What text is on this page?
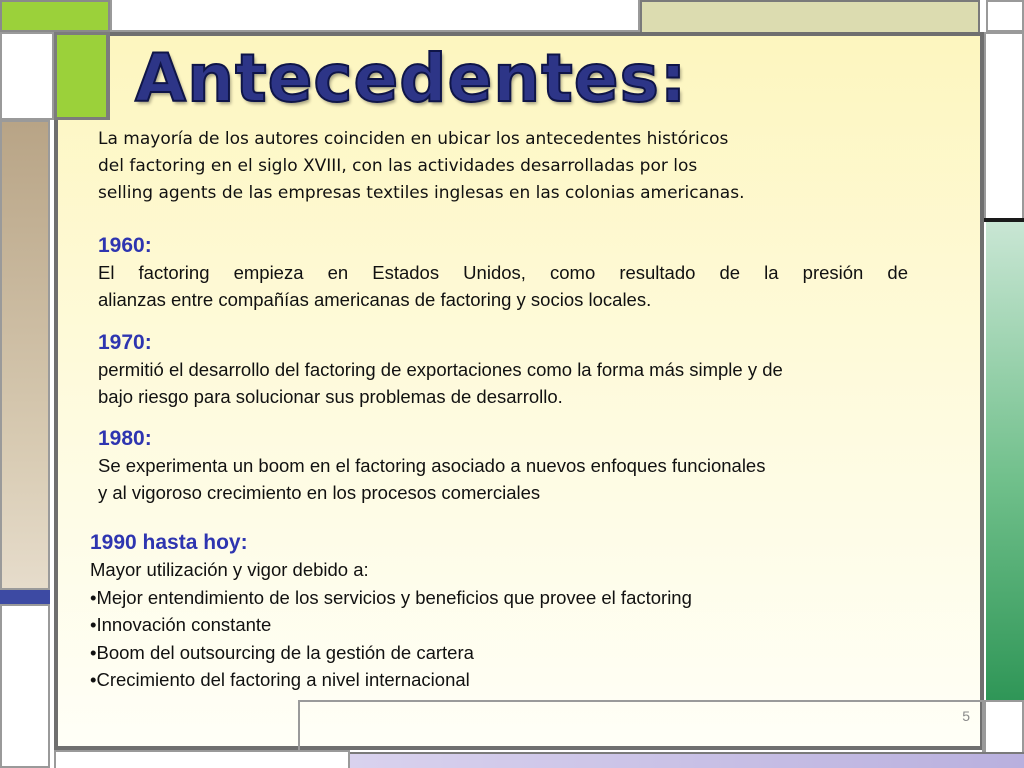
Antecedentes:
La mayoría de los autores coinciden en ubicar los antecedentes históricos
del factoring en el siglo XVIII, con las actividades desarrolladas por los
selling agents de las empresas textiles inglesas en las colonias americanas.
1960:
El factoring empieza en Estados Unidos, como resultado de la presión de
alianzas entre compañías americanas de factoring y socios locales.
1970:
permitió el desarrollo del factoring de exportaciones como la forma más simple y de
bajo riesgo para solucionar sus problemas de desarrollo.
1980:
Se experimenta un boom en el factoring asociado a nuevos enfoques funcionales
y al vigoroso crecimiento en los procesos comerciales
1990 hasta hoy:
Mayor utilización y vigor debido a:
•Mejor entendimiento de los servicios y beneficios que provee el factoring
•Innovación constante
•Boom del outsourcing de la gestión de cartera
•Crecimiento del factoring a nivel internacional
5
